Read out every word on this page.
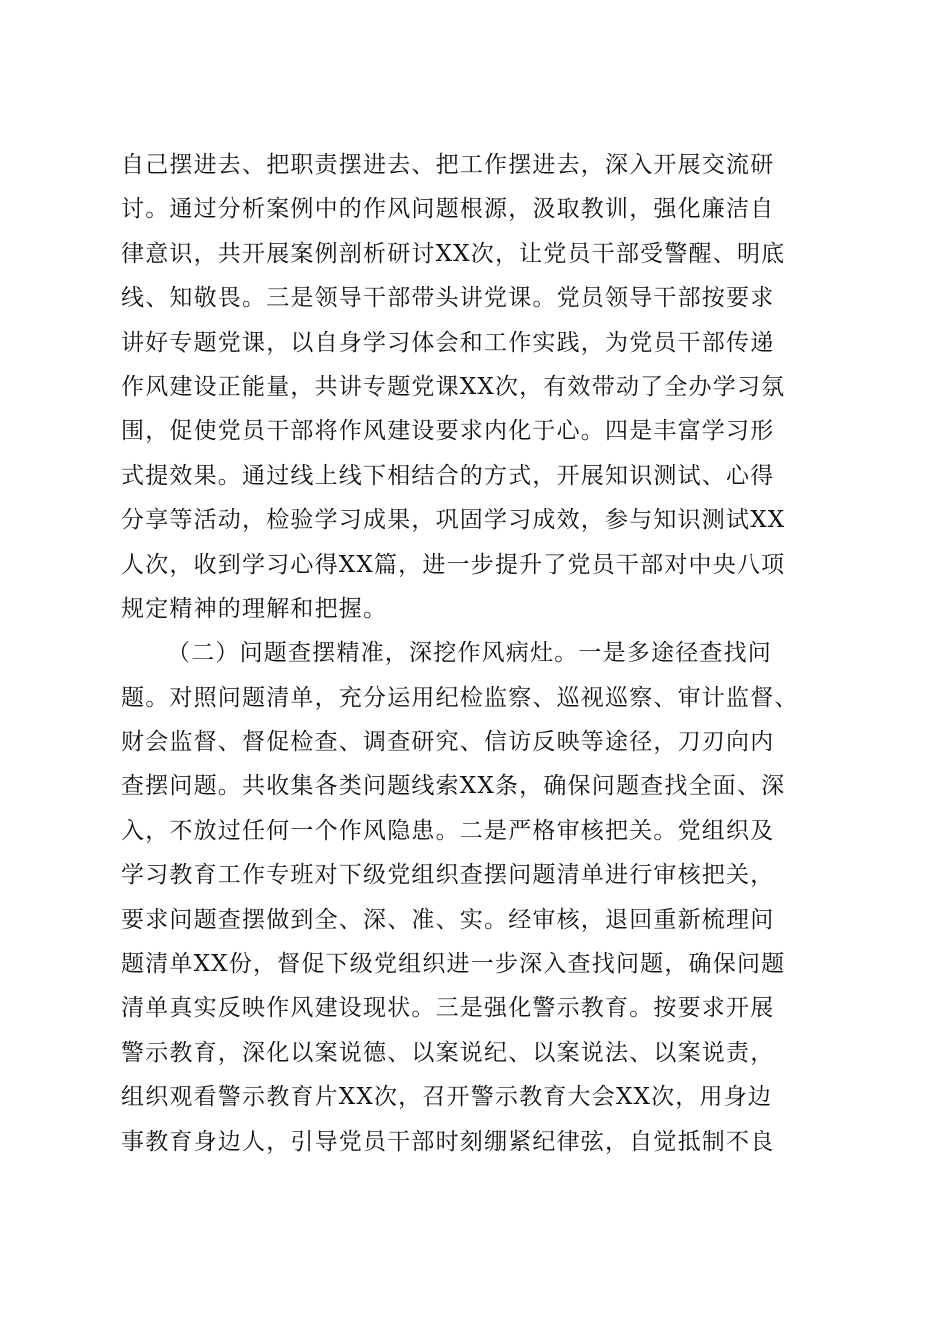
自己摆进去、把职责摆进去、把工作摆进去，深入开展交流研
讨。通过分析案例中的作风问题根源，汲取教训，强化廉洁自
律意识，共开展案例剖析研讨XX次，让党员干部受警醒、明底
线、知敬畏。三是领导干部带头讲党课。党员领导干部按要求
讲好专题党课，以自身学习体会和工作实践，为党员干部传递
作风建设正能量，共讲专题党课XX次，有效带动了全办学习氛
围，促使党员干部将作风建设要求内化于心。四是丰富学习形
式提效果。通过线上线下相结合的方式，开展知识测试、心得
分享等活动，检验学习成果，巩固学习成效，参与知识测试XX
人次，收到学习心得XX篇，进一步提升了党员干部对中央八项
规定精神的理解和把握。
（二）问题查摆精准，深挖作风病灶。一是多途径查找问
题。对照问题清单，充分运用纪检监察、巡视巡察、审计监督、
财会监督、督促检查、调查研究、信访反映等途径，刀刃向内
查摆问题。共收集各类问题线索XX条，确保问题查找全面、深
入，不放过任何一个作风隐患。二是严格审核把关。党组织及
学习教育工作专班对下级党组织查摆问题清单进行审核把关，
要求问题查摆做到全、深、准、实。经审核，退回重新梳理问
题清单XX份，督促下级党组织进一步深入查找问题，确保问题
清单真实反映作风建设现状。三是强化警示教育。按要求开展
警示教育，深化以案说德、以案说纪、以案说法、以案说责，
组织观看警示教育片XX次，召开警示教育大会XX次，用身边
事教育身边人，引导党员干部时刻绷紧纪律弦，自觉抵制不良
